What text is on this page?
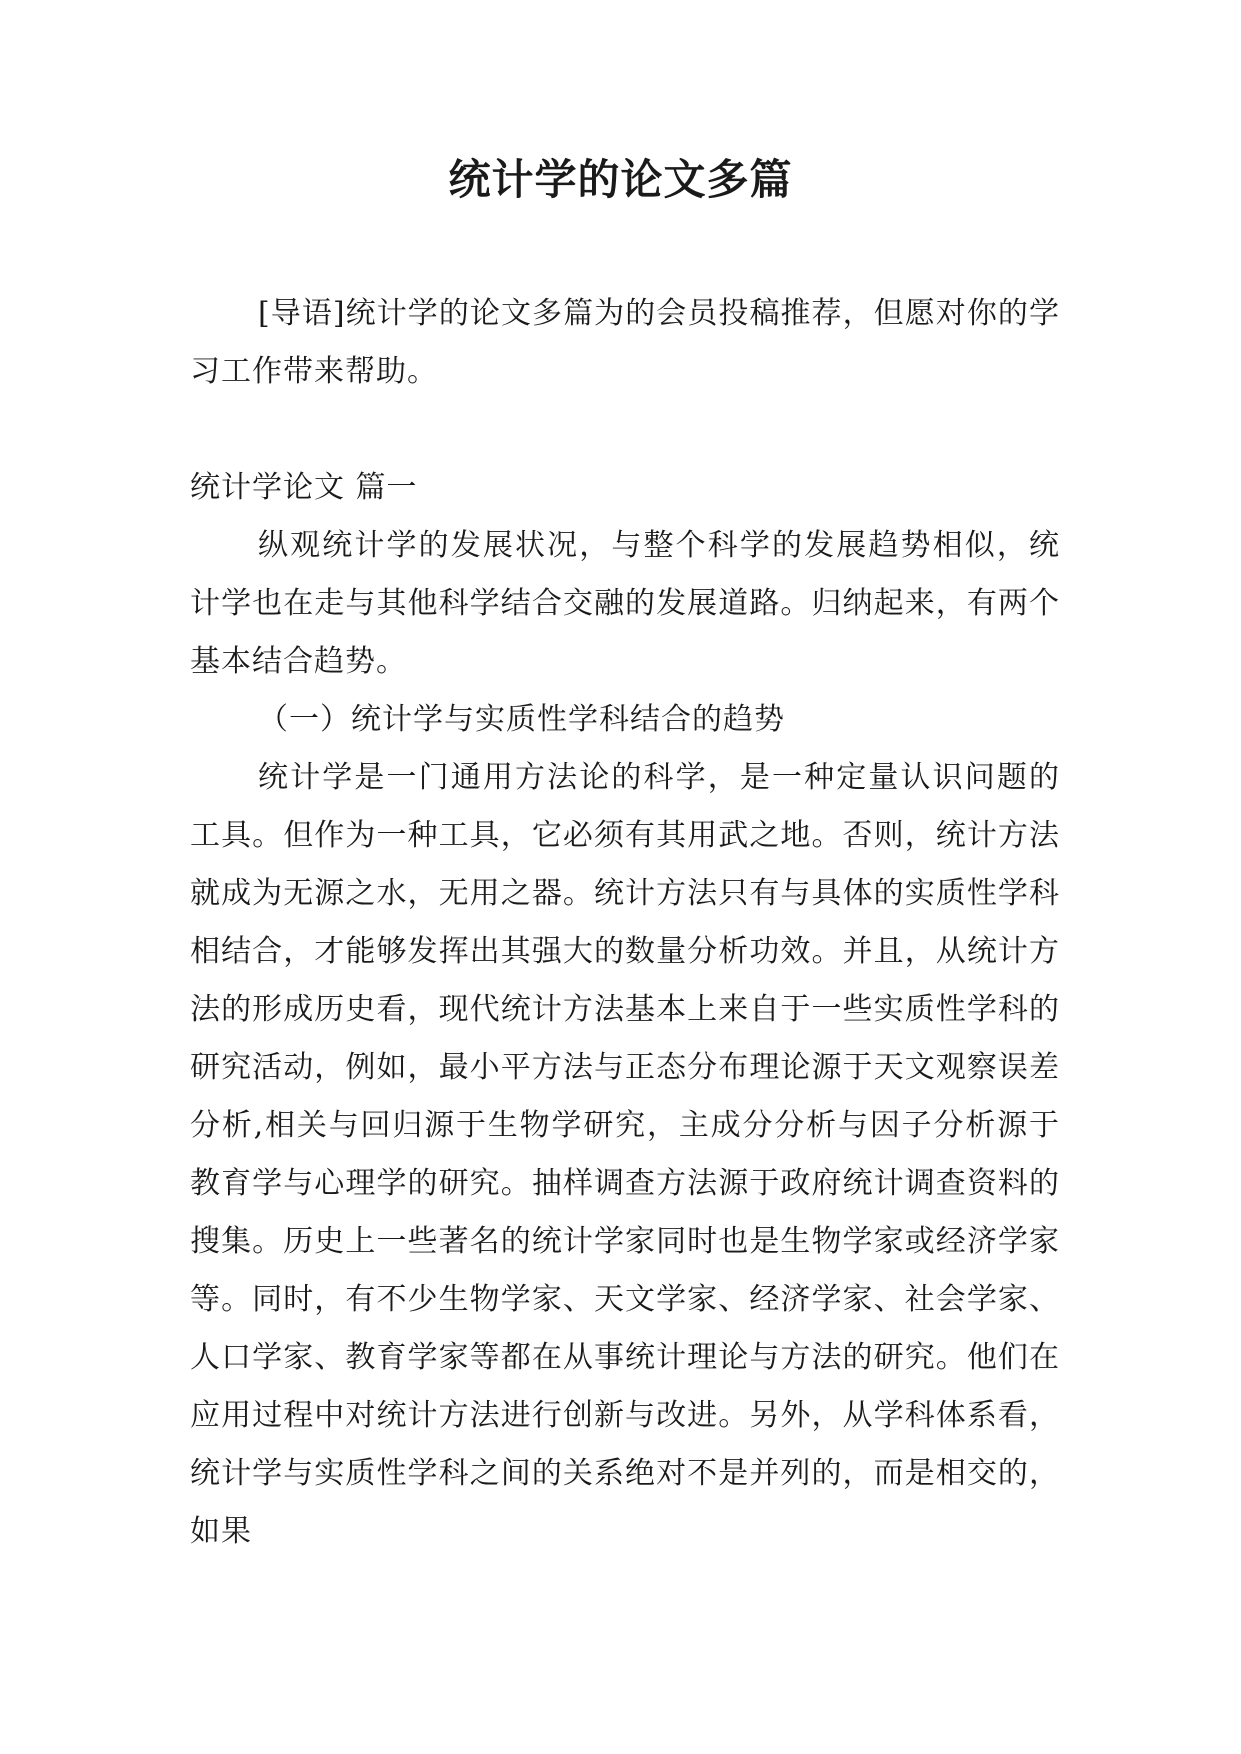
统计学的论文多篇

[导语]统计学的论文多篇为的会员投稿推荐，但愿对你的学习工作带来帮助。

统计学论文 篇一

纵观统计学的发展状况，与整个科学的发展趋势相似，统计学也在走与其他科学结合交融的发展道路。归纳起来，有两个基本结合趋势。

（一）统计学与实质性学科结合的趋势

统计学是一门通用方法论的科学，是一种定量认识问题的工具。但作为一种工具，它必须有其用武之地。否则，统计方法就成为无源之水，无用之器。统计方法只有与具体的实质性学科相结合，才能够发挥出其强大的数量分析功效。并且，从统计方法的形成历史看，现代统计方法基本上来自于一些实质性学科的研究活动，例如，最小平方法与正态分布理论源于天文观察误差分析,相关与回归源于生物学研究，主成分分析与因子分析源于教育学与心理学的研究。抽样调查方法源于政府统计调查资料的搜集。历史上一些著名的统计学家同时也是生物学家或经济学家等。同时，有不少生物学家、天文学家、经济学家、社会学家、人口学家、教育学家等都在从事统计理论与方法的研究。他们在应用过程中对统计方法进行创新与改进。另外，从学科体系看，统计学与实质性学科之间的关系绝对不是并列的，而是相交的，如果
